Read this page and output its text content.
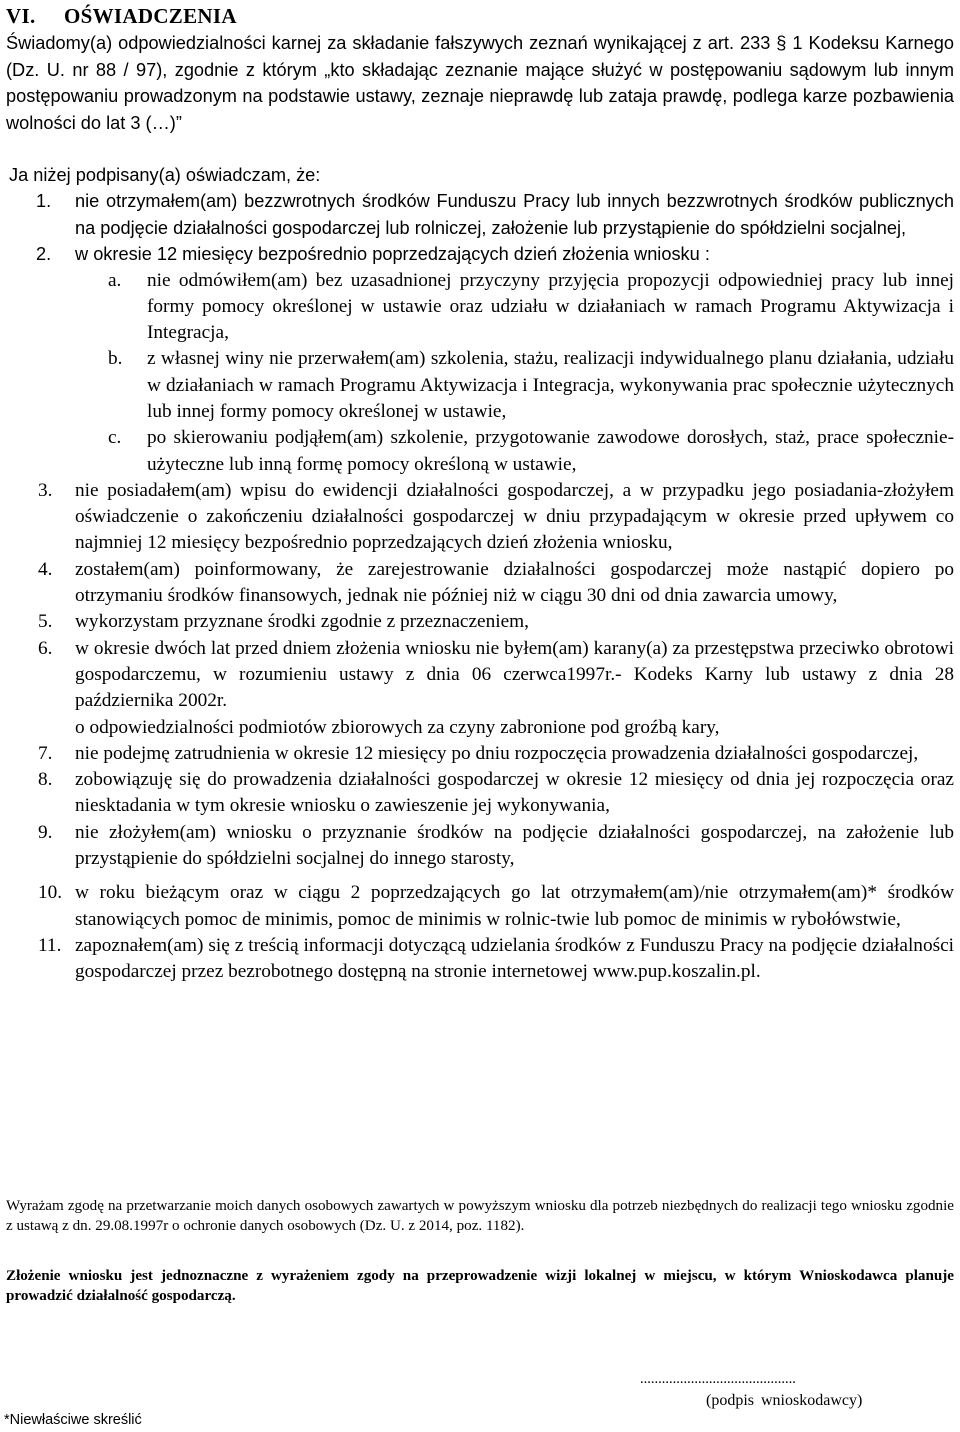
VI. OŚWIADCZENIA
Świadomy(a) odpowiedzialności karnej za składanie fałszywych zeznań wynikającej z art. 233 § 1 Kodeksu Karnego (Dz. U. nr 88 / 97), zgodnie z którym „kto składając zeznanie mające służyć w postępowaniu sądowym lub innym postępowaniu prowadzonym na podstawie ustawy, zeznaje nieprawdę lub zataja prawdę, podlega karze pozbawienia wolności do lat 3 (…)”
Ja niżej podpisany(a) oświadczam, że:
1. nie otrzymałem(am) bezzwrotnych środków Funduszu Pracy lub innych bezzwrotnych środków publicznych na podjęcie działalności gospodarczej lub rolniczej, założenie lub przystąpienie do spółdzielni socjalnej,
2. w okresie 12 miesięcy bezpośrednio poprzedzających dzień złożenia wniosku :
a. nie odmówiłem(am) bez uzasadnionej przyczyny przyjęcia propozycji odpowiedniej pracy lub innej formy pomocy określonej w ustawie oraz udziału w działaniach w ramach Programu Aktywizacja i Integracja,
b. z własnej winy nie przerwałem(am) szkolenia, stażu, realizacji indywidualnego planu działania, udziału w działaniach w ramach Programu Aktywizacja i Integracja, wykonywania prac społecznie użytecznych lub innej formy pomocy określonej w ustawie,
c. po skierowaniu podjąłem(am) szkolenie, przygotowanie zawodowe dorosłych, staż, prace społecznie-użyteczne lub inną formę pomocy określoną w ustawie,
3. nie posiadałem(am) wpisu do ewidencji działalności gospodarczej, a w przypadku jego posiadania-złożyłem oświadczenie o zakończeniu działalności gospodarczej w dniu przypadającym w okresie przed upływem co najmniej 12 miesięcy bezpośrednio poprzedzających dzień złożenia wniosku,
4. zostałem(am) poinformowany, że zarejestrowanie działalności gospodarczej może nastąpić dopiero po otrzymaniu środków finansowych, jednak nie później niż w ciągu 30 dni od dnia zawarcia umowy,
5. wykorzystam przyznane środki zgodnie z przeznaczeniem,
6. w okresie dwóch lat przed dniem złożenia wniosku nie byłem(am) karany(a) za przestępstwa przeciwko obrotowi gospodarczemu, w rozumieniu ustawy z dnia 06 czerwca1997r.- Kodeks Karny lub ustawy z dnia 28 października 2002r.
o odpowiedzialności podmiotów zbiorowych za czyny zabronione pod groźbą kary,
7. nie podejmę zatrudnienia w okresie 12 miesięcy po dniu rozpoczęcia prowadzenia działalności gospodarczej,
8. zobowiązuję się do prowadzenia działalności gospodarczej w okresie 12 miesięcy od dnia jej rozpoczęcia oraz niesktadania w tym okresie wniosku o zawieszenie jej wykonywania,
9. nie złożyłem(am) wniosku o przyznanie środków na podjęcie działalności gospodarczej, na założenie lub przystąpienie do spółdzielni socjalnej do innego starosty,
10. w roku bieżącym oraz w ciągu 2 poprzedzających go lat otrzymałem(am)/nie otrzymałem(am)* środków stanowiących pomoc de minimis, pomoc de minimis w rolnic-twie lub pomoc de minimis w rybołówstwie,
11. zapoznałem(am) się z treścią informacji dotyczącą udzielania środków z Funduszu Pracy na podjęcie działalności gospodarczej przez bezrobotnego dostępną na stronie internetowej www.pup.koszalin.pl.
Wyrażam zgodę na przetwarzanie moich danych osobowych zawartych w powyższym wniosku dla potrzeb niezbędnych do realizacji tego wniosku zgodnie z ustawą z dn. 29.08.1997r o ochronie danych osobowych (Dz. U. z 2014, poz. 1182).
Złożenie wniosku jest jednoznaczne z wyrażeniem zgody na przeprowadzenie wizji lokalnej w miejscu, w którym Wnioskodawca planuje prowadzić działalność gospodarczą.
...........................................
(podpis wnioskodawcy)
*Niewłaściwe skreślić
